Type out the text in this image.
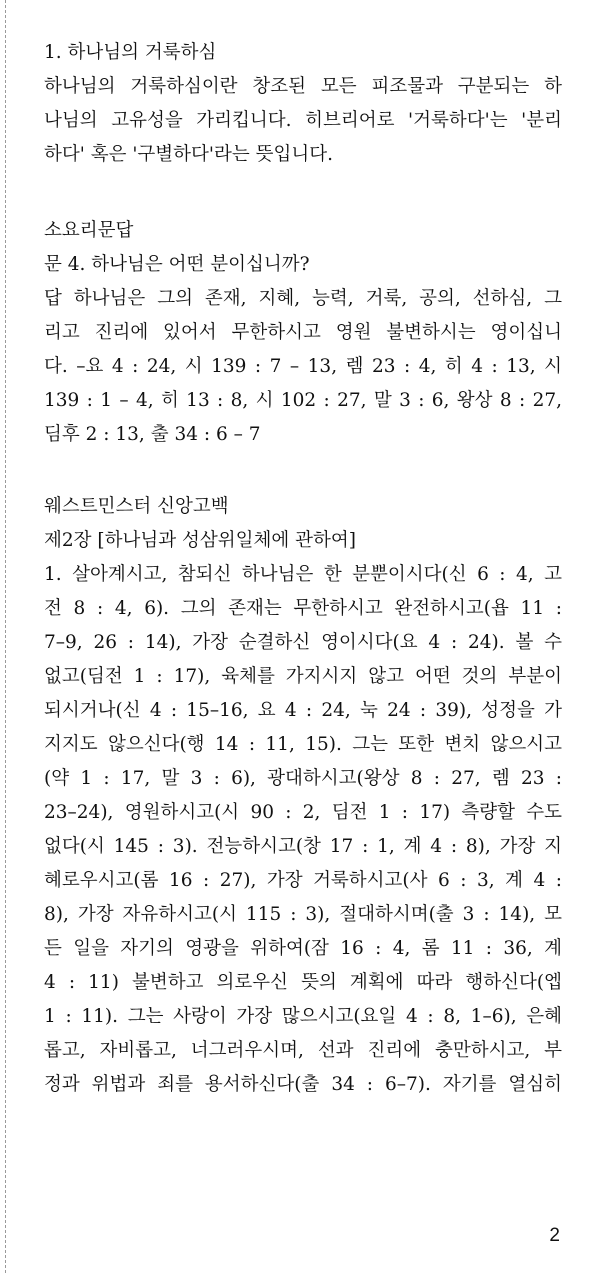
1. 하나님의 거룩하심
하나님의 거룩하심이란 창조된 모든 피조물과 구분되는 하
나님의 고유성을 가리킵니다. 히브리어로 '거룩하다'는 '분리
하다' 혹은 '구별하다'라는 뜻입니다.
소요리문답
문 4. 하나님은 어떤 분이십니까?
답 하나님은 그의 존재, 지혜, 능력, 거룩, 공의, 선하심, 그
리고 진리에 있어서 무한하시고 영원 불변하시는 영이십니
다. –요 4 : 24, 시 139 : 7 – 13, 렘 23 : 4, 히 4 : 13, 시
139 : 1 – 4, 히 13 : 8, 시 102 : 27, 말 3 : 6, 왕상 8 : 27,
딤후 2 : 13, 출 34 : 6 – 7
웨스트민스터 신앙고백
제2장 [하나님과 성삼위일체에 관하여]
1. 살아계시고, 참되신 하나님은 한 분뿐이시다(신 6 : 4, 고
전 8 : 4, 6). 그의 존재는 무한하시고 완전하시고(욥 11 :
7–9, 26 : 14), 가장 순결하신 영이시다(요 4 : 24). 볼 수
없고(딤전 1 : 17), 육체를 가지시지 않고 어떤 것의 부분이
되시거나(신 4 : 15–16, 요 4 : 24, 눅 24 : 39), 성정을 가
지지도 않으신다(행 14 : 11, 15). 그는 또한 변치 않으시고
(약 1 : 17, 말 3 : 6), 광대하시고(왕상 8 : 27, 렘 23 :
23–24), 영원하시고(시 90 : 2, 딤전 1 : 17) 측량할 수도
없다(시 145 : 3). 전능하시고(창 17 : 1, 계 4 : 8), 가장 지
혜로우시고(롬 16 : 27), 가장 거룩하시고(사 6 : 3, 계 4 :
8), 가장 자유하시고(시 115 : 3), 절대하시며(출 3 : 14), 모
든 일을 자기의 영광을 위하여(잠 16 : 4, 롬 11 : 36, 계
4 : 11) 불변하고 의로우신 뜻의 계획에 따라 행하신다(엡
1 : 11). 그는 사랑이 가장 많으시고(요일 4 : 8, 1–6), 은혜
롭고, 자비롭고, 너그러우시며, 선과 진리에 충만하시고, 부
정과 위법과 죄를 용서하신다(출 34 : 6–7). 자기를 열심히
2
